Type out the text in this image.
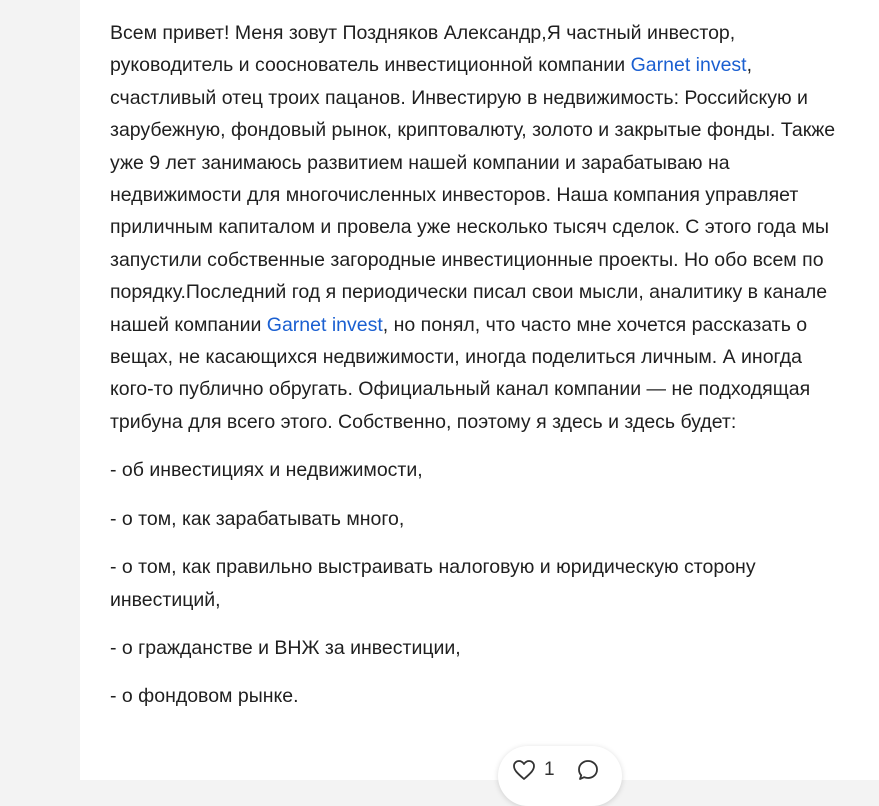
Всем привет! Меня зовут Поздняков Александр,Я частный инвестор, руководитель и сооснователь инвестиционной компании Garnet invest, счастливый отец троих пацанов. Инвестирую в недвижимость: Российскую и зарубежную, фондовый рынок, криптовалюту, золото и закрытые фонды. Также уже 9 лет занимаюсь развитием нашей компании и зарабатываю на недвижимости для многочисленных инвесторов. Наша компания управляет приличным капиталом и провела уже несколько тысяч сделок. С этого года мы запустили собственные загородные инвестиционные проекты. Но обо всем по порядку.Последний год я периодически писал свои мысли, аналитику в канале нашей компании Garnet invest, но понял, что часто мне хочется рассказать о вещах, не касающихся недвижимости, иногда поделиться личным. А иногда кого-то публично обругать. Официальный канал компании — не подходящая трибуна для всего этого. Собственно, поэтому я здесь и здесь будет:

- об инвестициях и недвижимости,

- о том, как зарабатывать много,

- о том, как правильно выстраивать налоговую и юридическую сторону инвестиций,

- о гражданстве и ВНЖ за инвестиции,

- о фондовом рынке.

1
